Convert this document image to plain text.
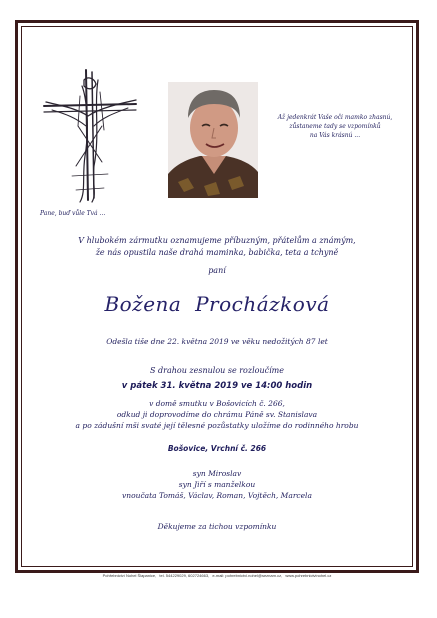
Pane, buď vůle Tvá ...
Až jedenkrát Vaše oči mamko zhasnú,
zůstaneme tady se vzpomínků
na Vás krásnú ...
V hlubokém zármutku oznamujeme příbuzným, přátelům a známým,
že nás opustila naše drahá maminka, babička, teta a tchyně
paní
Božena  Procházková
Odešla tiše dne 22. května 2019 ve věku nedožitých 87 let
S drahou zesnulou se rozloučíme
v pátek 31. května 2019 ve 14:00 hodin
v domě smutku v Bošovicích č. 266,
odkud ji doprovodíme do chrámu Páně sv. Stanislava
a po zádušní mši svaté její tělesné pozůstatky uložíme do rodinného hrobu
Bošovice, Vrchní č. 266
syn Miroslav
syn Jiří s manželkou
vnoučata Tomáš, Václav, Roman, Vojtěch, Marcela
Děkujeme za tichou vzpomínku
Pohřebnictví Nohel Šlapanice, tel. 544229029, 602724663, e-mail: pohrebnictvi.nohel@seznam.cz, www.pohrebnictvinohel.cz
